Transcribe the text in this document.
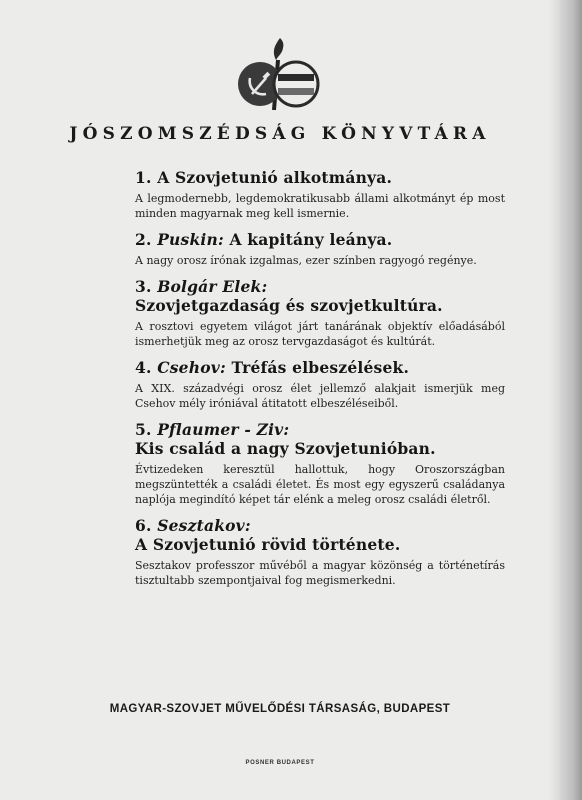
JÓSZOMSZÉDSÁG KÖNYVTÁRA
1. A Szovjetunió alkotmánya.
A legmodernebb, legdemokratikusabb állami alkotmányt ép most minden magyarnak meg kell ismernie.
2. Puskin: A kapitány leánya.
A nagy orosz írónak izgalmas, ezer színben ragyogó regénye.
3. Bolgár Elek:
Szovjetgazdaság és szovjetkultúra.
A rosztovi egyetem világot járt tanárának objektív előadásából ismerhetjük meg az orosz tervgazdaságot és kultúrát.
4. Csehov: Tréfás elbeszélések.
A XIX. századvégi orosz élet jellemző alakjait ismerjük meg Csehov mély iróniával átitatott elbeszéléseiből.
5. Pflaumer - Ziv:
Kis család a nagy Szovjetunióban.
Évtizedeken keresztül hallottuk, hogy Oroszországban megszüntették a családi életet. És most egy egyszerű családanya naplója megindító képet tár elénk a meleg orosz családi életről.
6. Sesztakov:
A Szovjetunió rövid története.
Sesztakov professzor művéből a magyar közönség a történetírás tisztultabb szempontjaival fog megismerkedni.
MAGYAR-SZOVJET MŰVELŐDÉSI TÁRSASÁG, BUDAPEST
POSNER BUDAPEST
